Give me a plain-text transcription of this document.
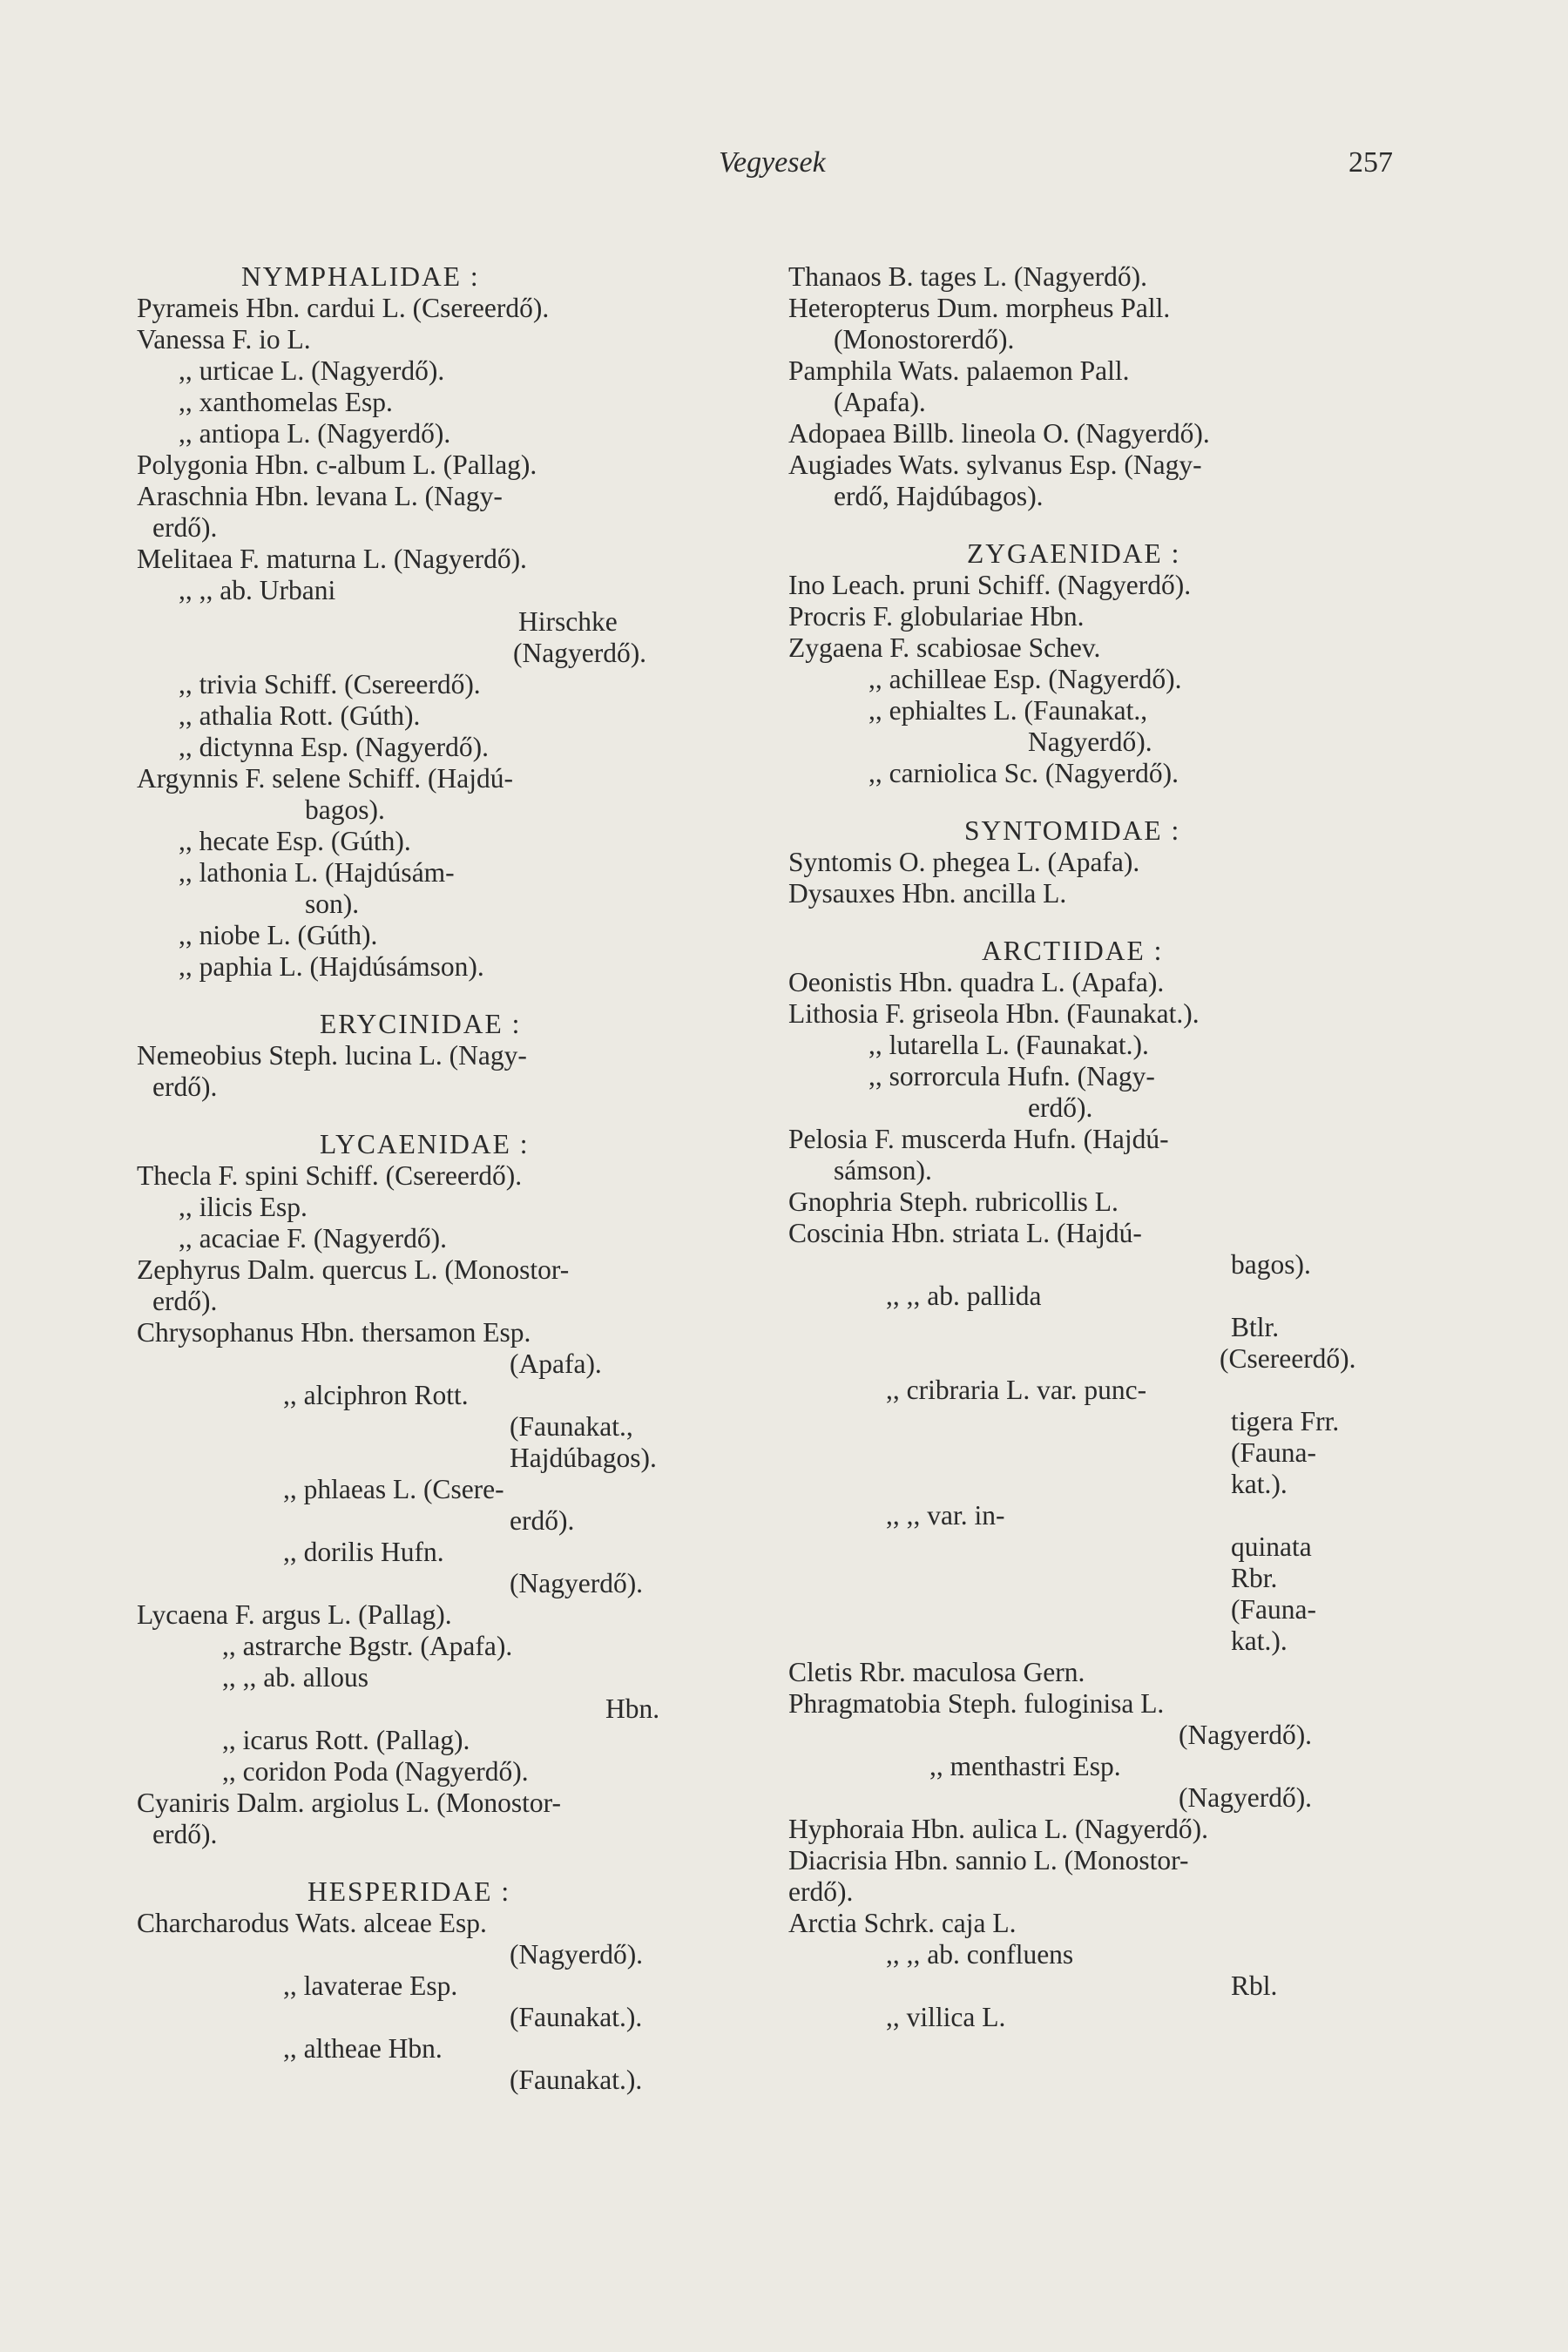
Vegyesek	257
NYMPHALIDAE :
Pyrameis Hbn. cardui L. (Csereerdő).
Vanessa F. io L.
,, urticae L. (Nagyerdő).
,, xanthomelas Esp.
,, antiopa L. (Nagyerdő).
Polygonia Hbn. c-album L. (Pallag).
Araschnia Hbn. levana L. (Nagy-
erdő).
Melitaea F. maturna L. (Nagyerdő).
,, ,, ab. Urbani
Hirschke
(Nagyerdő).
,, trivia Schiff. (Csereerdő).
,, athalia Rott. (Gúth).
,, dictynna Esp. (Nagyerdő).
Argynnis F. selene Schiff. (Hajdú-
bagos).
,, hecate Esp. (Gúth).
,, lathonia L. (Hajdúsám-
son).
,, niobe L. (Gúth).
,, paphia L. (Hajdúsámson).
ERYCINIDAE :
Nemeobius Steph. lucina L. (Nagy-
erdő).
LYCAENIDAE :
Thecla F. spini Schiff. (Csereerdő).
,, ilicis Esp.
,, acaciae F. (Nagyerdő).
Zephyrus Dalm. quercus L. (Monostor-
erdő).
Chrysophanus Hbn. thersamon Esp.
(Apafa).
,, alciphron Rott.
(Faunakat.,
Hajdúbagos).
,, phlaeas L. (Csere-
erdő).
,, dorilis Hufn.
(Nagyerdő).
Lycaena F. argus L. (Pallag).
,, astrarche Bgstr. (Apafa).
,, ,, ab. allous
Hbn.
,, icarus Rott. (Pallag).
,, coridon Poda (Nagyerdő).
Cyaniris Dalm. argiolus L. (Monostor-
erdő).
HESPERIDAE :
Charcharodus Wats. alceae Esp.
(Nagyerdő).
,, lavaterae Esp.
(Faunakat.).
,, altheae Hbn.
(Faunakat.).
Thanaos B. tages L. (Nagyerdő).
Heteropterus Dum. morpheus Pall.
(Monostorerdő).
Pamphila Wats. palaemon Pall.
(Apafa).
Adopaea Billb. lineola O. (Nagyerdő).
Augiades Wats. sylvanus Esp. (Nagy-
erdő, Hajdúbagos).
ZYGAENIDAE :
Ino Leach. pruni Schiff. (Nagyerdő).
Procris F. globulariae Hbn.
Zygaena F. scabiosae Schev.
,, achilleae Esp. (Nagyerdő).
,, ephialtes L. (Faunakat.,
Nagyerdő).
,, carniolica Sc. (Nagyerdő).
SYNTOMIDAE :
Syntomis O. phegea L. (Apafa).
Dysauxes Hbn. ancilla L.
ARCTIIDAE :
Oeonistis Hbn. quadra L. (Apafa).
Lithosia F. griseola Hbn. (Faunakat.).
,, lutarella L. (Faunakat.).
,, sorrorcula Hufn. (Nagy-
erdő).
Pelosia F. muscerda Hufn. (Hajdú-
sámson).
Gnophria Steph. rubricollis L.
Coscinia Hbn. striata L. (Hajdú-
bagos).
,, ,, ab. pallida
Btlr.
(Csereerdő).
,, cribraria L. var. punc-
tigera Frr.
(Fauna-
kat.).
,, ,, var. in-
quinata
Rbr.
(Fauna-
kat.).
Cletis Rbr. maculosa Gern.
Phragmatobia Steph. fuloginisa L.
(Nagyerdő).
,, menthastri Esp.
(Nagyerdő).
Hyphoraia Hbn. aulica L. (Nagyerdő).
Diacrisia Hbn. sannio L. (Monostor-
erdő).
Arctia Schrk. caja L.
,, ,, ab. confluens
Rbl.
,, villica L.
